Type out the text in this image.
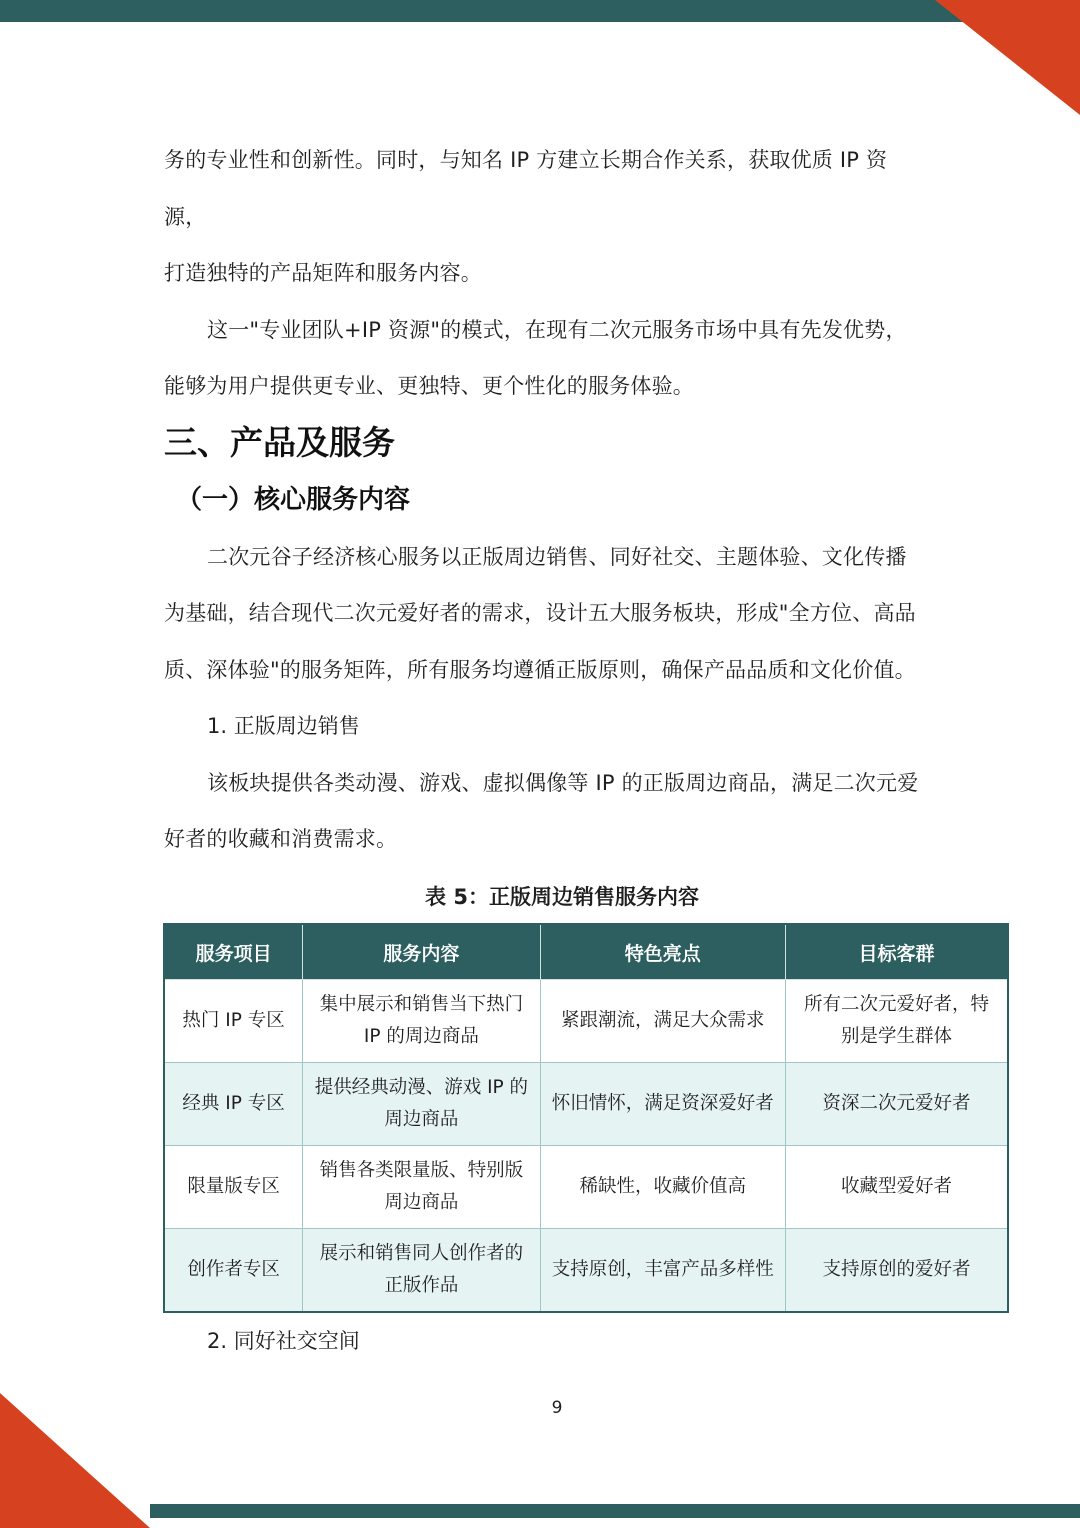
务的专业性和创新性。同时，与知名 IP 方建立长期合作关系，获取优质 IP 资源，

打造独特的产品矩阵和服务内容。

这一"专业团队+IP 资源"的模式，在现有二次元服务市场中具有先发优势，能够为用户提供更专业、更独特、更个性化的服务体验。

三、产品及服务
（一）核心服务内容

二次元谷子经济核心服务以正版周边销售、同好社交、主题体验、文化传播为基础，结合现代二次元爱好者的需求，设计五大服务板块，形成"全方位、高品质、深体验"的服务矩阵，所有服务均遵循正版原则，确保产品品质和文化价值。

1. 正版周边销售

该板块提供各类动漫、游戏、虚拟偶像等 IP 的正版周边商品，满足二次元爱好者的收藏和消费需求。

表 5：正版周边销售服务内容

服务项目	服务内容	特色亮点	目标客群
热门 IP 专区	集中展示和销售当下热门 IP 的周边商品	紧跟潮流，满足大众需求	所有二次元爱好者，特别是学生群体
经典 IP 专区	提供经典动漫、游戏 IP 的周边商品	怀旧情怀，满足资深爱好者	资深二次元爱好者
限量版专区	销售各类限量版、特别版周边商品	稀缺性，收藏价值高	收藏型爱好者
创作者专区	展示和销售同人创作者的正版作品	支持原创，丰富产品多样性	支持原创的爱好者

2. 同好社交空间

9
